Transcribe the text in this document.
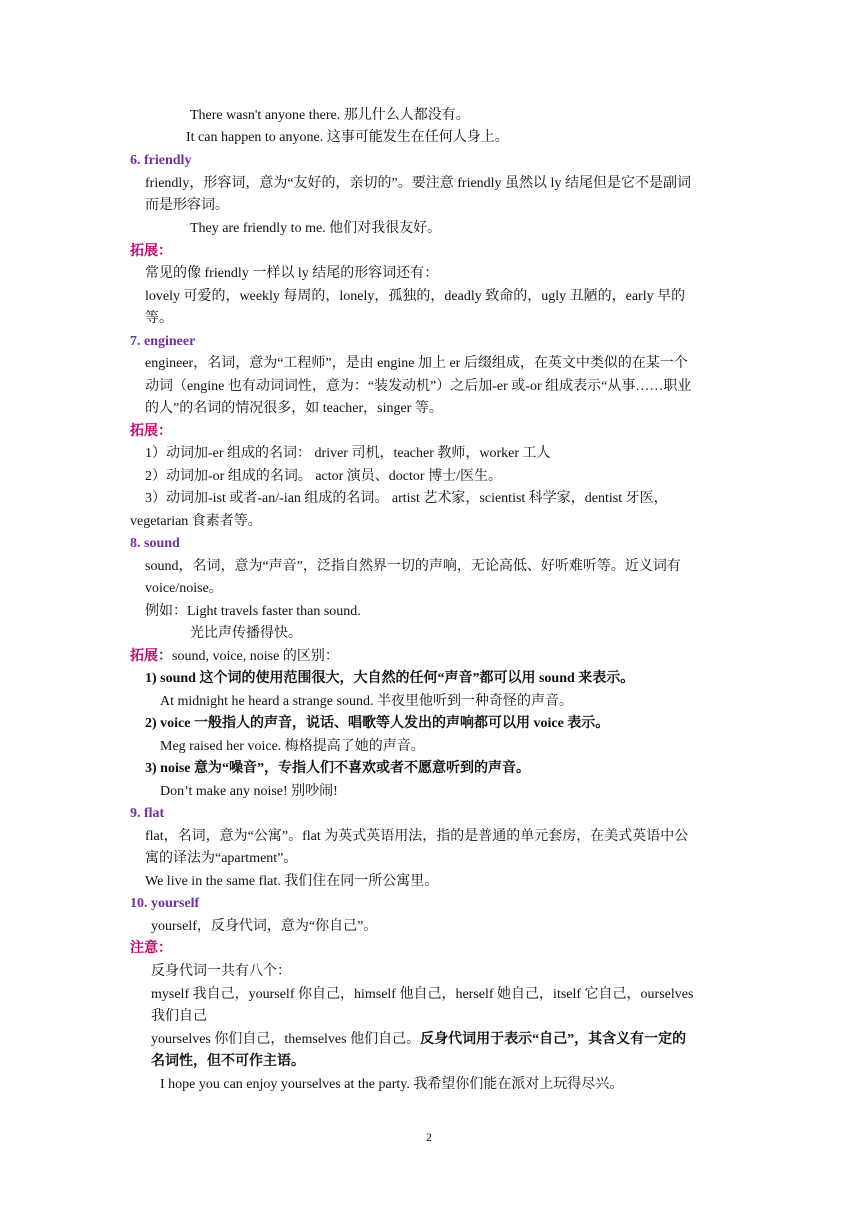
There wasn't anyone there. 那儿什么人都没有。
It can happen to anyone. 这事可能发生在任何人身上。
6. friendly
friendly，形容词，意为“友好的，亲切的”。要注意 friendly 虽然以 ly 结尾但是它不是副词
而是形容词。
They are friendly to me. 他们对我很友好。
拓展：
常见的像 friendly 一样以 ly 结尾的形容词还有：
lovely 可爱的，weekly 每周的，lonely，孤独的，deadly 致命的，ugly 丑陋的，early 早的
等。
7. engineer
engineer，名词，意为“工程师”，是由 engine 加上 er 后缀组成，在英文中类似的在某一个
动词（engine 也有动词词性，意为：“装发动机”）之后加-er 或-or 组成表示“从事……职业
的人”的名词的情况很多，如 teacher，singer 等。
拓展：
1）动词加-er 组成的名词： driver 司机，teacher 教师，worker 工人
2）动词加-or 组成的名词。 actor 演员、doctor 博士/医生。
3）动词加-ist 或者-an/-ian 组成的名词。 artist 艺术家，scientist 科学家，dentist 牙医，
vegetarian 食素者等。
8. sound
sound，名词，意为“声音”，泛指自然界一切的声响，无论高低、好听难听等。近义词有
voice/noise。
例如：Light travels faster than sound.
光比声传播得快。
拓展：sound, voice, noise 的区别：
1) sound 这个词的使用范围很大，大自然的任何“声音”都可以用 sound 来表示。
At midnight he heard a strange sound. 半夜里他听到一种奇怪的声音。
2) voice 一般指人的声音，说话、唱歌等人发出的声响都可以用 voice 表示。
Meg raised her voice. 梅格提高了她的声音。
3) noise 意为“噪音”，专指人们不喜欢或者不愿意听到的声音。
Don’t make any noise! 别吵闹!
9. flat
flat，名词，意为“公寓”。flat 为英式英语用法，指的是普通的单元套房，在美式英语中公
寓的译法为“apartment”。
We live in the same flat. 我们住在同一所公寓里。
10. yourself
yourself，反身代词，意为“你自己”。
注意：
反身代词一共有八个：
myself 我自己，yourself 你自己，himself 他自己，herself 她自己，itself 它自己，ourselves
我们自己
yourselves 你们自己，themselves 他们自己。反身代词用于表示“自己”，其含义有一定的
名词性，但不可作主语。
I hope you can enjoy yourselves at the party. 我希望你们能在派对上玩得尽兴。
2
